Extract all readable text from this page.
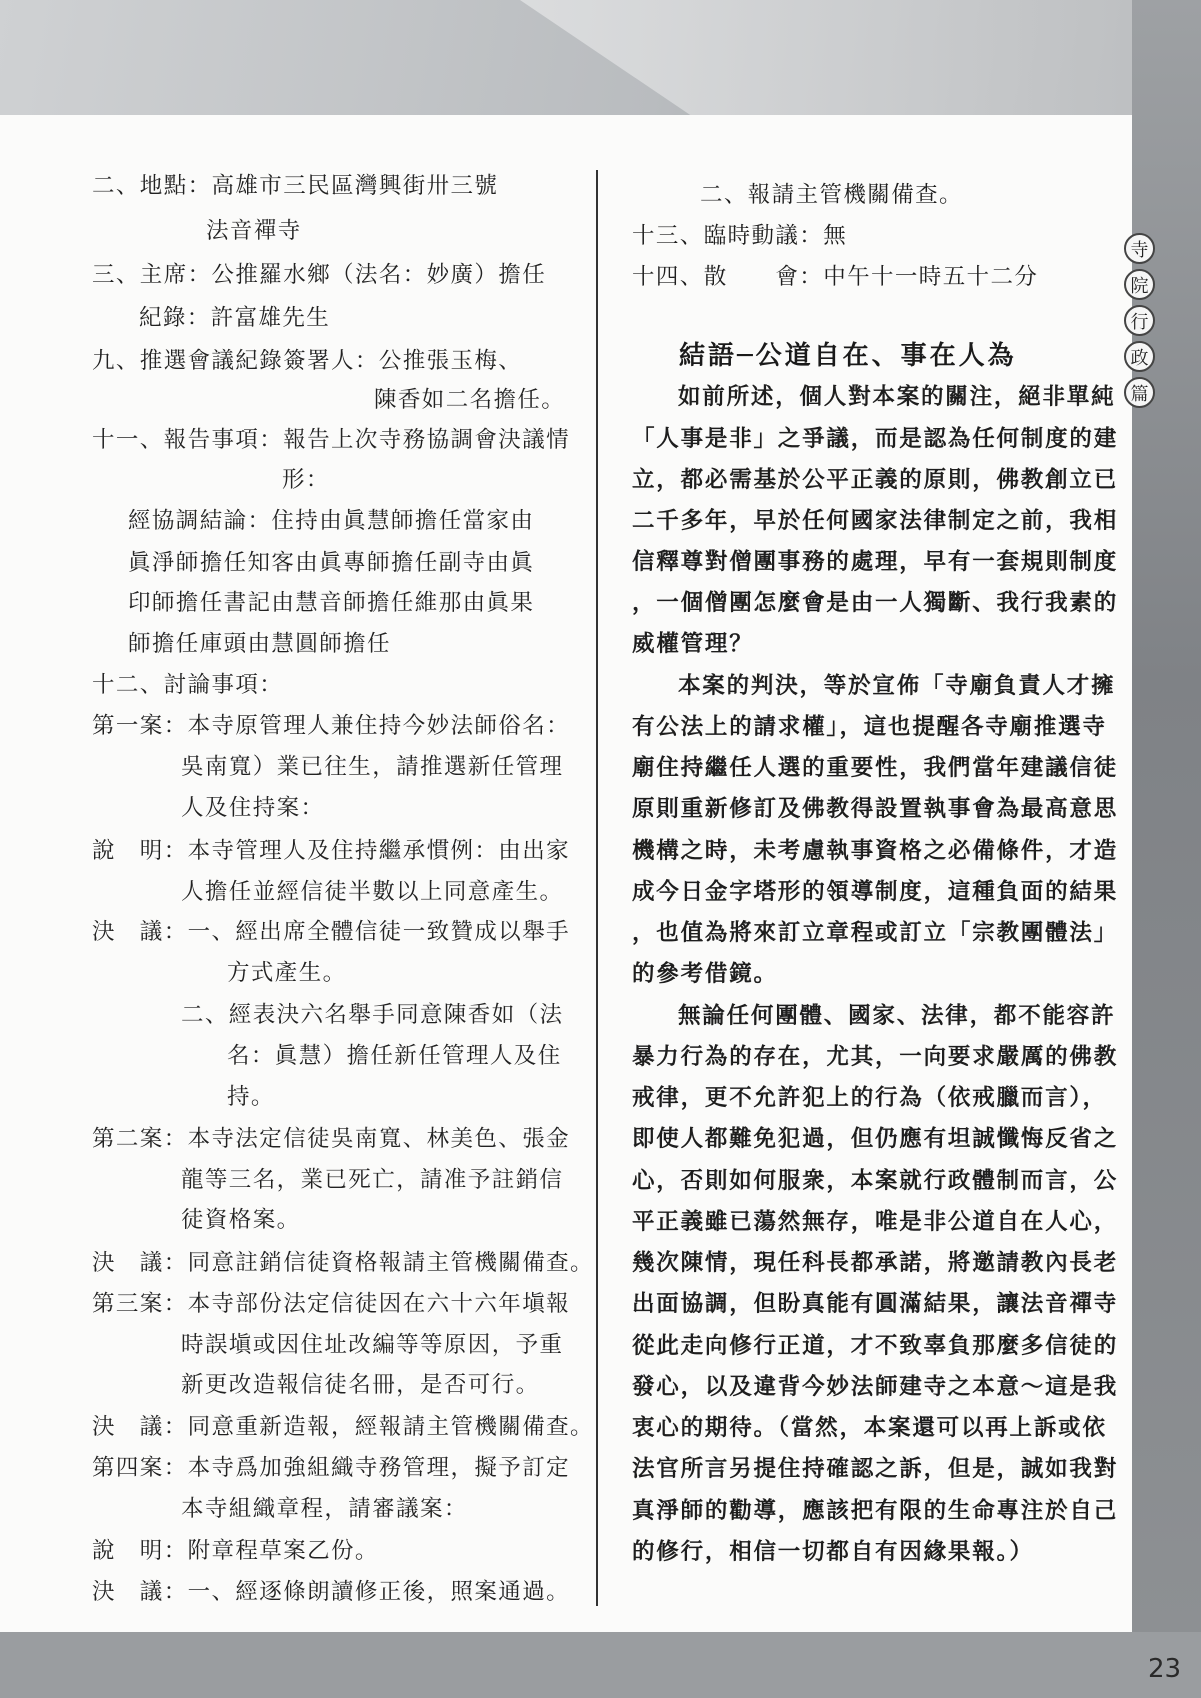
二、地點：高雄市三民區灣興街卅三號
法音禪寺
三、主席：公推羅水鄉（法名：妙廣）擔任
紀錄：許富雄先生
九、推選會議紀錄簽署人：公推張玉梅、
陳香如二名擔任。
十一、報告事項：報告上次寺務協調會決議情
形：
經協調結論：住持由眞慧師擔任當家由
眞淨師擔任知客由眞專師擔任副寺由眞
印師擔任書記由慧音師擔任維那由眞果
師擔任庫頭由慧圓師擔任
十二、討論事項：
第一案：本寺原管理人兼住持今妙法師俗名：
吳南寬）業已往生，請推選新任管理
人及住持案：
說　明：本寺管理人及住持繼承慣例：由出家
人擔任並經信徒半數以上同意產生。
決　議：一、經出席全體信徒一致贊成以舉手
方式產生。
二、經表決六名舉手同意陳香如（法
名：眞慧）擔任新任管理人及住
持。
第二案：本寺法定信徒吳南寬、林美色、張金
龍等三名，業已死亡，請准予註銷信
徒資格案。
決　議：同意註銷信徒資格報請主管機關備查。
第三案：本寺部份法定信徒因在六十六年塡報
時誤塡或因住址改編等等原因，予重
新更改造報信徒名冊，是否可行。
決　議：同意重新造報，經報請主管機關備查。
第四案：本寺爲加強組織寺務管理，擬予訂定
本寺組織章程，請審議案：
說　明：附章程草案乙份。
決　議：一、經逐條朗讀修正後，照案通過。
二、報請主管機關備查。
十三、臨時動議：無
十四、散　　會：中午十一時五十二分
結語─公道自在、事在人為
如前所述，個人對本案的關注，絕非單純
「人事是非」之爭議，而是認為任何制度的建
立，都必需基於公平正義的原則，佛教創立已
二千多年，早於任何國家法律制定之前，我相
信釋尊對僧團事務的處理，早有一套規則制度
，一個僧團怎麼會是由一人獨斷、我行我素的
威權管理？
本案的判決，等於宣佈「寺廟負責人才擁
有公法上的請求權」，這也提醒各寺廟推選寺
廟住持繼任人選的重要性，我們當年建議信徒
原則重新修訂及佛教得設置執事會為最高意思
機構之時，未考慮執事資格之必備條件，才造
成今日金字塔形的領導制度，這種負面的結果
，也值為將來訂立章程或訂立「宗教團體法」
的參考借鏡。
無論任何團體、國家、法律，都不能容許
暴力行為的存在，尤其，一向要求嚴厲的佛教
戒律，更不允許犯上的行為（依戒臘而言），
即使人都難免犯過，但仍應有坦誠懺悔反省之
心，否則如何服衆，本案就行政體制而言，公
平正義雖已蕩然無存，唯是非公道自在人心，
幾次陳情，現任科長都承諾，將邀請教內長老
出面協調，但盼真能有圓滿結果，讓法音禪寺
從此走向修行正道，才不致辜負那麼多信徒的
發心，以及違背今妙法師建寺之本意～這是我
衷心的期待。（當然，本案還可以再上訴或依
法官所言另提住持確認之訴，但是，誠如我對
真淨師的勸導，應該把有限的生命專注於自己
的修行，相信一切都自有因緣果報。）
寺
院
行
政
篇
23
